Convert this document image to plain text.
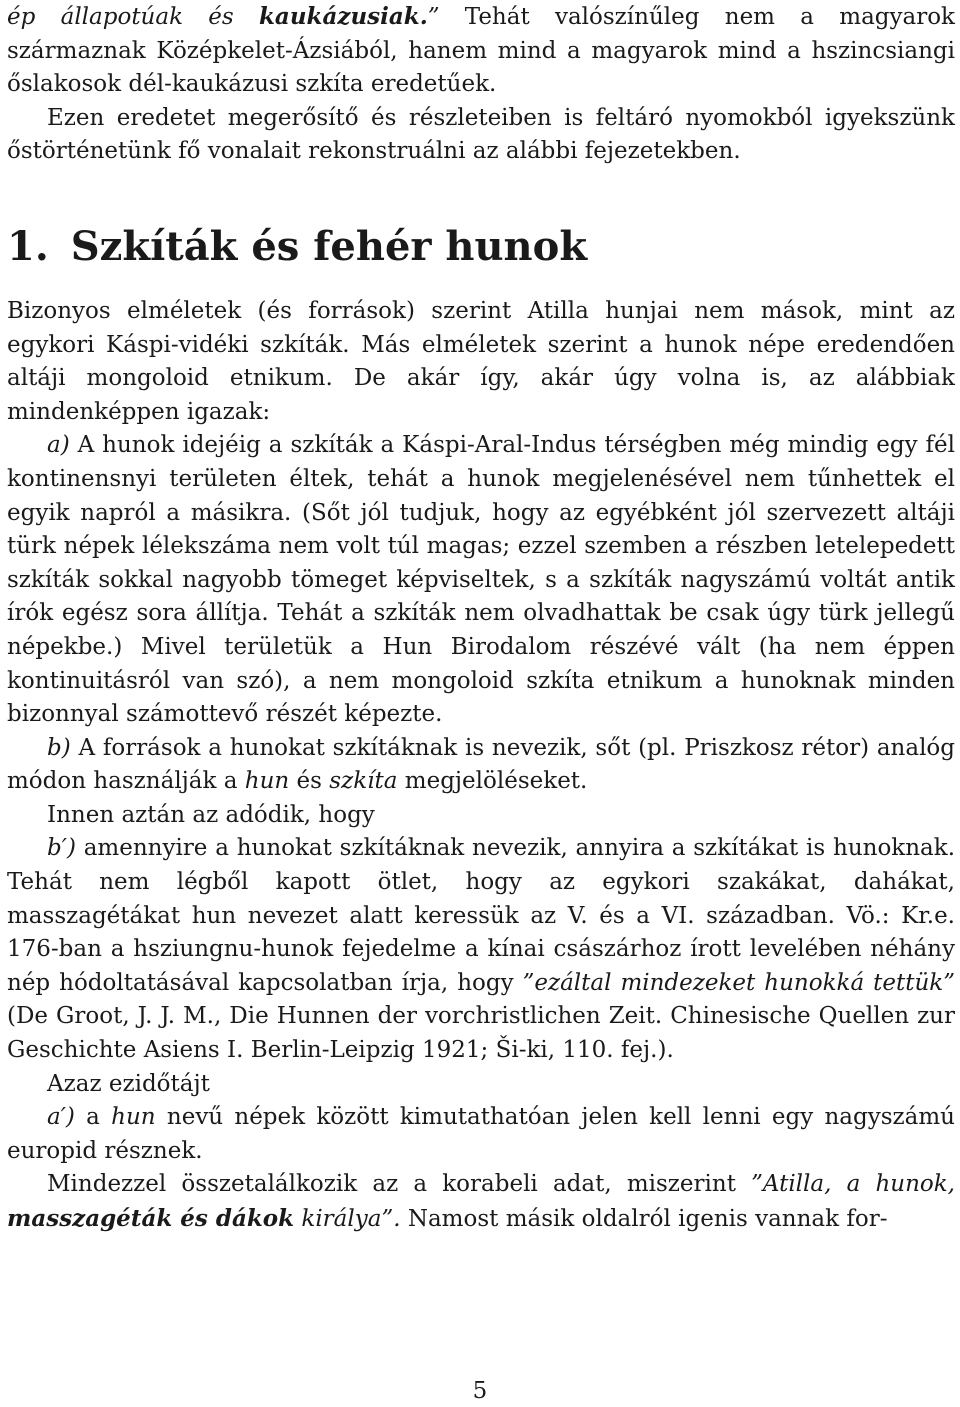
ép állapotúak és kaukázusiak.” Tehát valószínűleg nem a magyarok származnak Középkelet-Ázsiából, hanem mind a magyarok mind a hszincsiangi őslakosok dél-kaukázusi szkíta eredetűek.

Ezen eredetet megerősítő és részleteiben is feltáró nyomokból igyekszünk őstörténetünk fő vonalait rekonstruálni az alábbi fejezetekben.

1. Szkíták és fehér hunok

Bizonyos elméletek (és források) szerint Atilla hunjai nem mások, mint az egykori Káspi-vidéki szkíták. Más elméletek szerint a hunok népe eredendően altáji mongoloid etnikum. De akár így, akár úgy volna is, az alábbiak mindenképpen igazak:

a) A hunok idejéig a szkíták a Káspi-Aral-Indus térségben még mindig egy fél kontinensnyi területen éltek, tehát a hunok megjelenésével nem tűnhettek el egyik napról a másikra. (Sőt jól tudjuk, hogy az egyébként jól szervezett altáji türk népek lélekszáma nem volt túl magas; ezzel szemben a részben letelepedett szkíták sokkal nagyobb tömeget képviseltek, s a szkíták nagyszámú voltát antik írók egész sora állítja. Tehát a szkíták nem olvadhattak be csak úgy türk jellegű népekbe.) Mivel területük a Hun Birodalom részévé vált (ha nem éppen kontinuitásról van szó), a nem mongoloid szkíta etnikum a hunoknak minden bizonnyal számottevő részét képezte.

b) A források a hunokat szkítáknak is nevezik, sőt (pl. Priszkosz rétor) analóg módon használják a hun és szkíta megjelöléseket.

Innen aztán az adódik, hogy

b′) amennyire a hunokat szkítáknak nevezik, annyira a szkítákat is hunoknak. Tehát nem légből kapott ötlet, hogy az egykori szakákat, dahákat, masszagétákat hun nevezet alatt keressük az V. és a VI. században. Vö.: Kr.e. 176-ban a hsziungnu-hunok fejedelme a kínai császárhoz írott levelében néhány nép hódoltatásával kapcsolatban írja, hogy ”ezáltal mindezeket hunokká tettük” (De Groot, J. J. M., Die Hunnen der vorchristlichen Zeit. Chinesische Quellen zur Geschichte Asiens I. Berlin-Leipzig 1921; Ši-ki, 110. fej.).

Azaz ezidőtájt

a′) a hun nevű népek között kimutathatóan jelen kell lenni egy nagyszámú europid résznek.

Mindezzel összetalálkozik az a korabeli adat, miszerint ”Atilla, a hunok, masszagéták és dákok királya”. Namost másik oldalról igenis vannak for-

5
